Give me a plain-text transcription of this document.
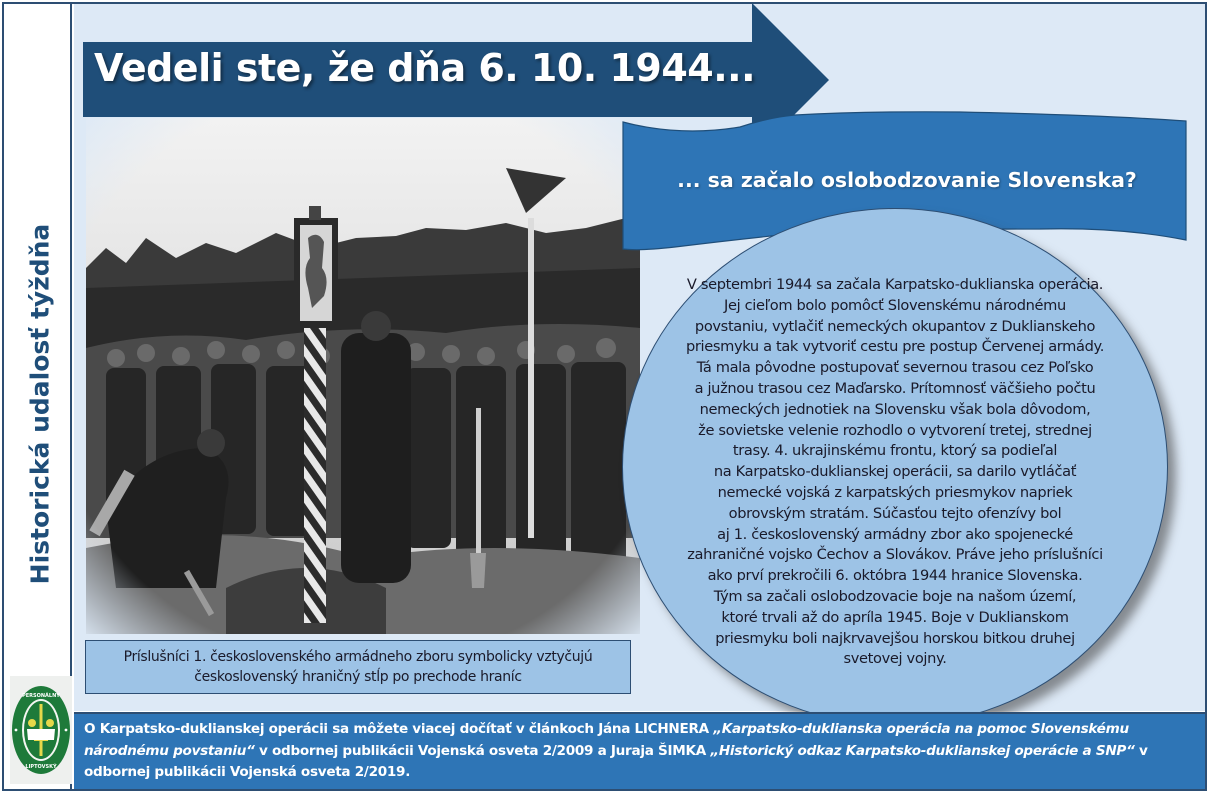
Historická udalosť týždňa
PERSONÁLNY
LIPTOVSKÝ
Vedeli ste, že dňa 6. 10. 1944...
... sa začalo oslobodzovanie Slovenska?
V septembri 1944 sa začala Karpatsko-duklianska operácia.
Jej cieľom bolo pomôcť Slovenskému národnému
povstaniu, vytlačiť nemeckých okupantov z Duklianskeho
priesmyku a tak vytvoriť cestu pre postup Červenej armády.
Tá mala pôvodne postupovať severnou trasou cez Poľsko
a južnou trasou cez Maďarsko. Prítomnosť väčšieho počtu
nemeckých jednotiek na Slovensku však bola dôvodom,
že sovietske velenie rozhodlo o vytvorení tretej, strednej
trasy. 4. ukrajinskému frontu, ktorý sa podieľal
na Karpatsko-duklianskej operácii, sa darilo vytláčať
nemecké vojská z karpatských priesmykov napriek
obrovským stratám. Súčasťou tejto ofenzívy bol
aj 1. československý armádny zbor ako spojenecké
zahraničné vojsko Čechov a Slovákov. Práve jeho príslušníci
ako prví prekročili 6. októbra 1944 hranice Slovenska.
Tým sa začali oslobodzovacie boje na našom území,
ktoré trvali až do apríla 1945. Boje v Duklianskom
priesmyku boli najkrvavejšou horskou bitkou druhej
svetovej vojny.
Príslušníci 1. československého armádneho zboru symbolicky vztyčujú
československý hraničný stĺp po prechode hraníc
O Karpatsko-duklianskej operácii sa môžete viacej dočítať v článkoch Jána LICHNERA „Karpatsko-duklianska operácia na pomoc Slovenskému
národnému povstaniu“ v odbornej publikácii Vojenská osveta 2/2009 a Juraja ŠIMKA „Historický odkaz Karpatsko-duklianskej operácie a SNP“ v
odbornej publikácii Vojenská osveta 2/2019.
